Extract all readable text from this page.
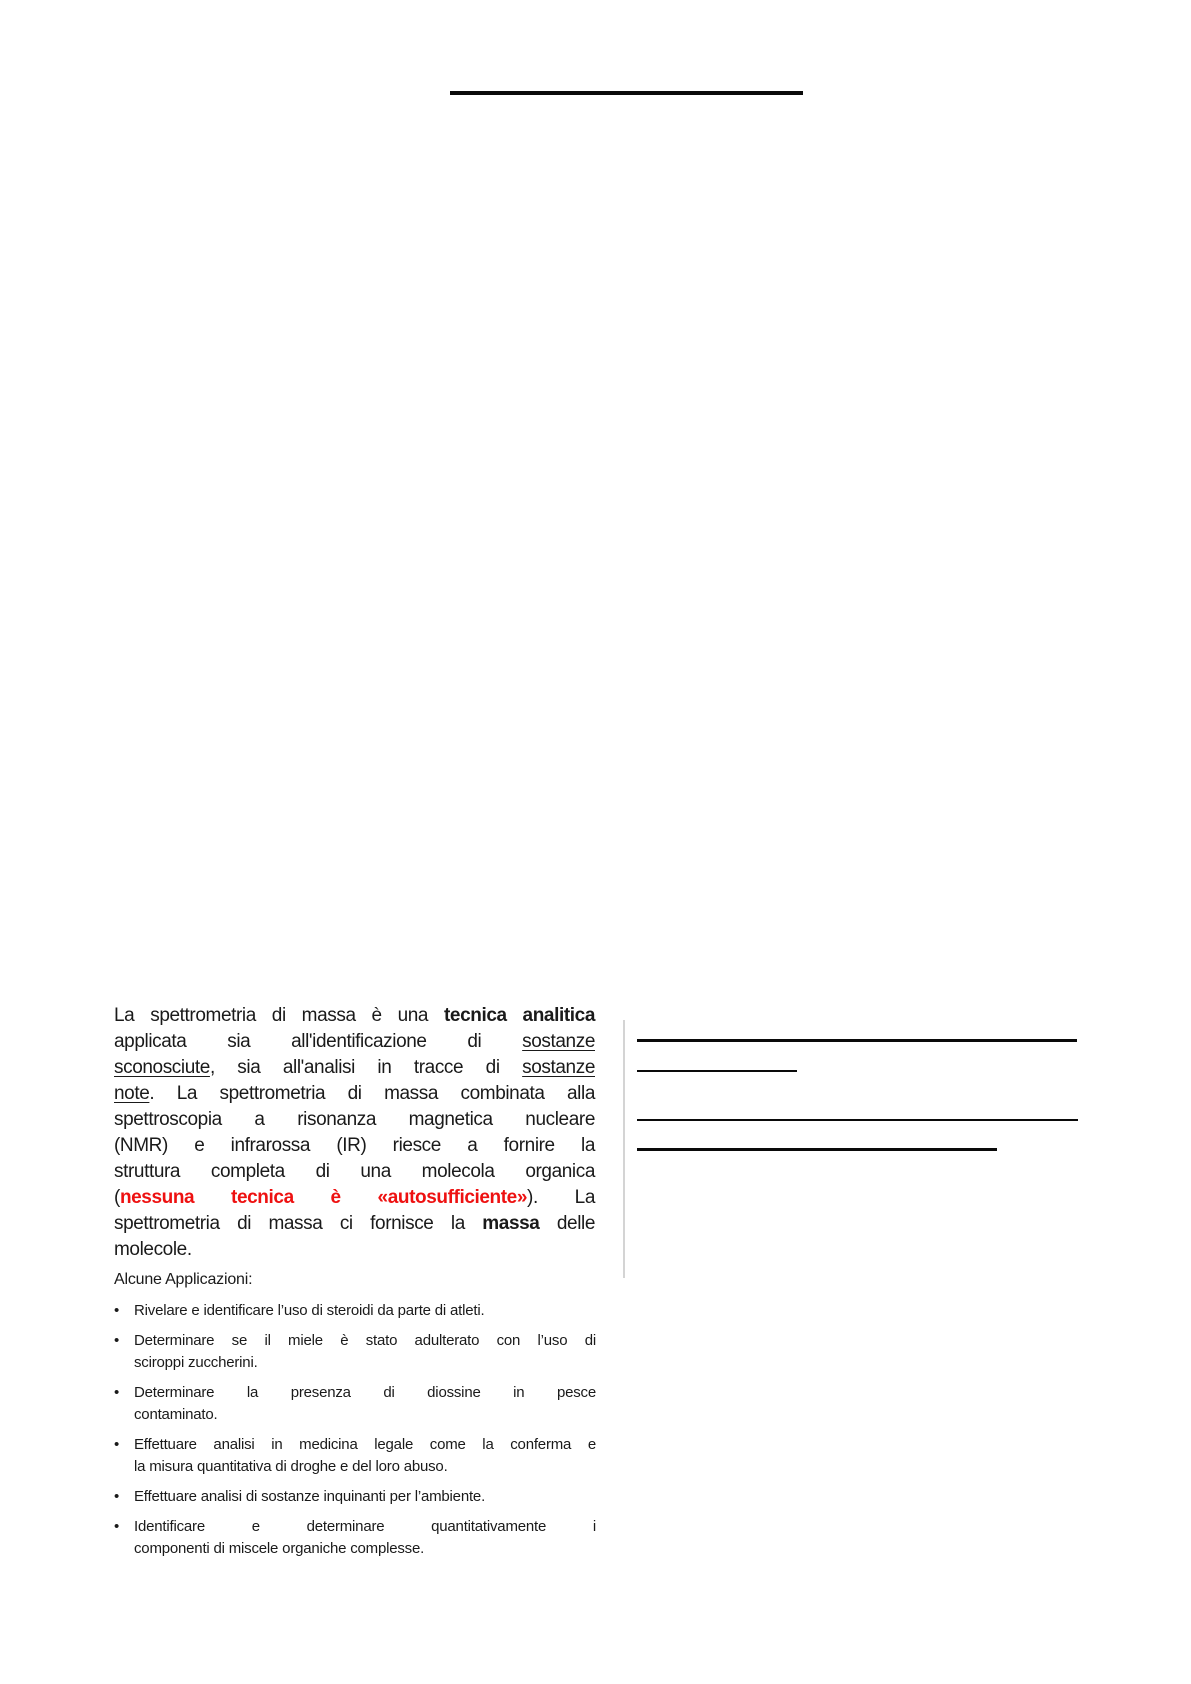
La spettrometria di massa è una tecnica analitica
applicata sia all'identificazione di sostanze
sconosciute, sia all'analisi in tracce di sostanze
note. La spettrometria di massa combinata alla
spettroscopia a risonanza magnetica nucleare
(NMR) e infrarossa (IR) riesce a fornire la
struttura completa di una molecola organica
(nessuna tecnica è «autosufficiente»). La
spettrometria di massa ci fornisce la massa delle
molecole.
Alcune Applicazioni:
• Rivelare e identificare l’uso di steroidi da parte di atleti.
• Determinare se il miele è stato adulterato con l’uso di
sciroppi zuccherini.
• Determinare la presenza di diossine in pesce
contaminato.
• Effettuare analisi in medicina legale come la conferma e
la misura quantitativa di droghe e del loro abuso.
• Effettuare analisi di sostanze inquinanti per l’ambiente.
• Identificare e determinare quantitativamente i
componenti di miscele organiche complesse.
